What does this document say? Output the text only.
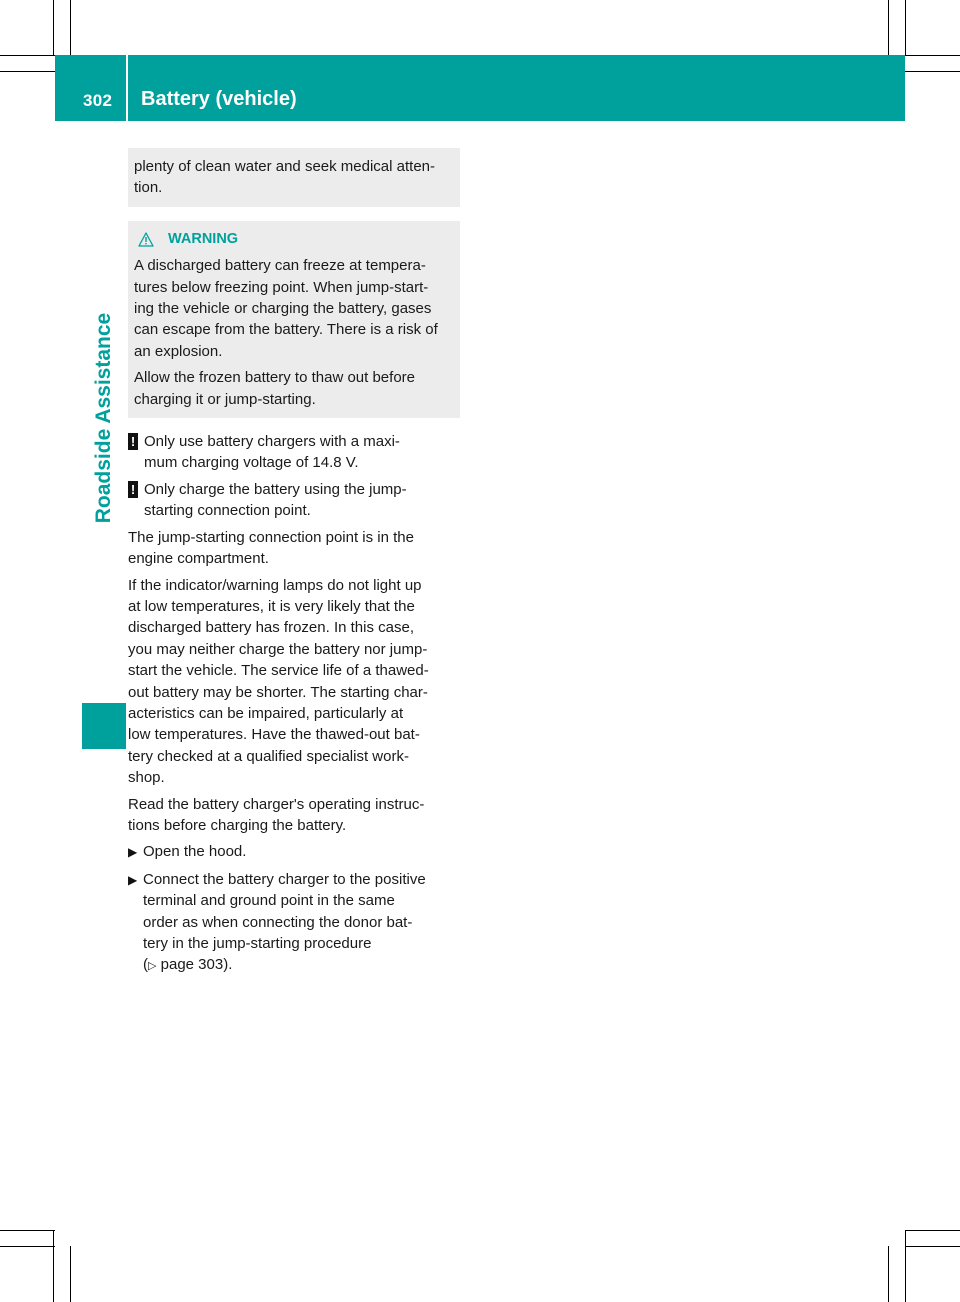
302 Battery (vehicle)
Roadside Assistance

plenty of clean water and seek medical atten-
tion.

WARNING

A discharged battery can freeze at tempera-
tures below freezing point. When jump-start-
ing the vehicle or charging the battery, gases
can escape from the battery. There is a risk of
an explosion.

Allow the frozen battery to thaw out before
charging it or jump-starting.

! Only use battery chargers with a maxi-
mum charging voltage of 14.8 V.
! Only charge the battery using the jump-
starting connection point.

The jump-starting connection point is in the
engine compartment.

If the indicator/warning lamps do not light up
at low temperatures, it is very likely that the
discharged battery has frozen. In this case,
you may neither charge the battery nor jump-
start the vehicle. The service life of a thawed-
out battery may be shorter. The starting char-
acteristics can be impaired, particularly at
low temperatures. Have the thawed-out bat-
tery checked at a qualified specialist work-
shop.

Read the battery charger's operating instruc-
tions before charging the battery.

▶ Open the hood.
▶ Connect the battery charger to the positive
terminal and ground point in the same
order as when connecting the donor bat-
tery in the jump-starting procedure
(▷ page 303).
